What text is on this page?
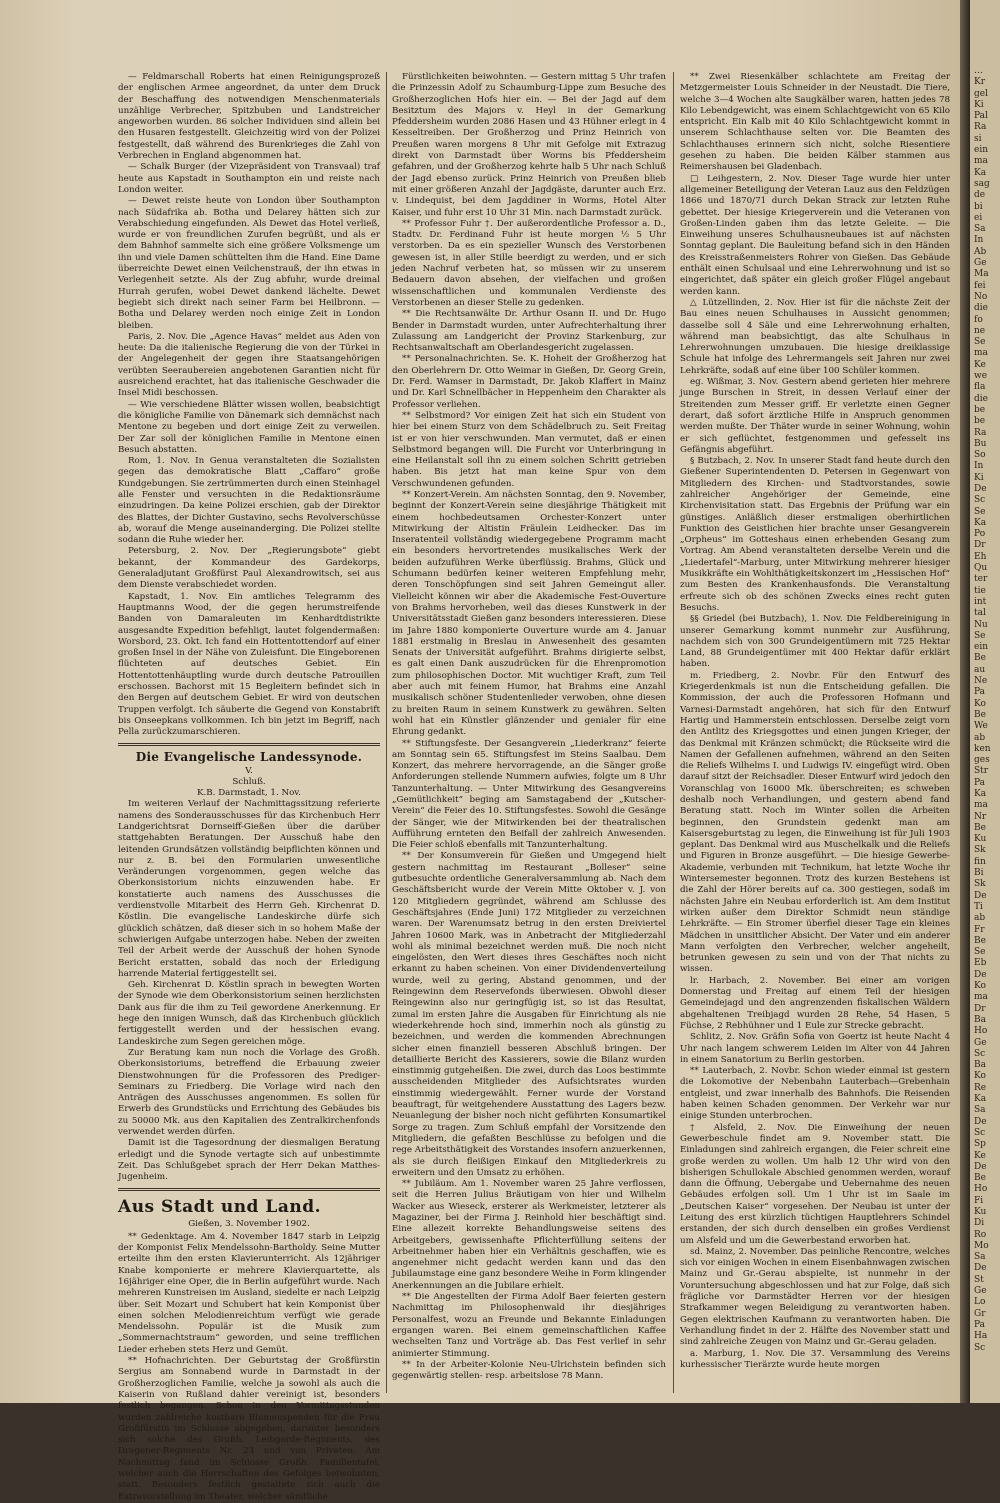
— Feldmarschall Roberts hat einen Reinigungsprozeß der englischen Armee angeordnet, da unter dem Druck der Beschaffung des notwendigen Menschenmaterials unzählige Verbrecher, Spitzbuben und Landstreicher angeworben wurden. 86 solcher Individuen sind allein bei den Husaren festgestellt. Gleichzeitig wird von der Polizei festgestellt, daß während des Burenkrieges die Zahl von Verbrechen in England abgenommen hat.

— Schalk Burger (der Vizepräsident von Transvaal) traf heute aus Kapstadt in Southampton ein und reiste nach London weiter.

— Dewet reiste heute von London über Southampton nach Südafrika ab. Botha und Delarey hätten sich zur Verabschiedung eingefunden. Als Dewet das Hotel verließ, wurde er von freundlichen Zurufen begrüßt, und als er dem Bahnhof sammelte sich eine größere Volksmenge um ihn und viele Damen schüttelten ihm die Hand. Eine Dame überreichte Dewet einen Veilchenstrauß, der ihn etwas in Verlegenheit setzte. Als der Zug abfuhr, wurde dreimal Hurrah gerufen, wobei Dewet dankend lächelte. Dewet begiebt sich direkt nach seiner Farm bei Heilbronn. — Botha und Delarey werden noch einige Zeit in London bleiben.

Paris, 2. Nov. Die „Agence Havas“ meldet aus Aden von heute: Da die italienische Regierung die von der Türkei in der Angelegenheit der gegen ihre Staatsangehörigen verübten Seeraubereien angebotenen Garantien nicht für ausreichend erachtet, hat das italienische Geschwader die Insel Midi beschossen.

— Wie verschiedene Blätter wissen wollen, beabsichtigt die königliche Familie von Dänemark sich demnächst nach Mentone zu begeben und dort einige Zeit zu verweilen. Der Zar soll der königlichen Familie in Mentone einen Besuch abstatten.

Rom, 1. Nov. In Genua veranstalteten die Sozialisten gegen das demokratische Blatt „Caffaro“ große Kundgebungen. Sie zertrümmerten durch einen Steinhagel alle Fenster und versuchten in die Redaktionsräume einzudringen. Da keine Polizei erschien, gab der Direktor des Blattes, der Dichter Gustavino, sechs Revolverschüsse ab, worauf die Menge auseinanderging. Die Polizei stellte sodann die Ruhe wieder her.

Petersburg, 2. Nov. Der „Regierungsbote“ giebt bekannt, der Kommandeur des Gardekorps, Generaladjutant Großfürst Paul Alexandrowitsch, sei aus dem Dienste verabschiedet worden.

Kapstadt, 1. Nov. Ein amtliches Telegramm des Hauptmanns Wood, der die gegen herumstreifende Banden von Damaraleuten im Kenhardtdistrikte ausgesandte Expedition befehligt, lautet folgendermaßen: Worsbord, 23. Okt. Ich fand ein Hottentottendorf auf einer großen Insel in der Nähe von Zuleisfunt. Die Eingeborenen flüchteten auf deutsches Gebiet. Ein Hottentottenhäuptling wurde durch deutsche Patrouillen erschossen. Bachorst mit 15 Begleitern befindet sich in den Bergen auf deutschem Gebiet. Er wird von deutschen Truppen verfolgt. Ich säuberte die Gegend von Konstabrift bis Onseepkans vollkommen. Ich bin jetzt im Begriff, nach Pella zurückzumarschieren.

Die Evangelische Landessynode.

V.

Schluß.

K.B. Darmstadt, 1. Nov.

Im weiteren Verlauf der Nachmittagssitzung referierte namens des Sonderausschusses für das Kirchenbuch Herr Landgerichtsrat Dornseiff-Gießen über die darüber stattgehabten Beratungen. Der Ausschuß habe den leitenden Grundsätzen vollständig beipflichten können und nur z. B. bei den Formularien unwesentliche Veränderungen vorgenommen, gegen welche das Oberkonsistorium nichts einzuwenden habe. Er konstatierte auch namens des Ausschusses die verdienstvolle Mitarbeit des Herrn Geh. Kirchenrat D. Köstlin. Die evangelische Landeskirche dürfe sich glücklich schätzen, daß dieser sich in so hohem Maße der schwierigen Aufgabe unterzogen habe. Neben der zweiten Teil der Arbeit werde der Ausschuß der hohen Synode Bericht erstatten, sobald das noch der Erledigung harrende Material fertiggestellt sei.

Geh. Kirchenrat D. Köstlin sprach in bewegten Worten der Synode wie dem Oberkonsistorium seinen herzlichsten Dank aus für die ihm zu Teil gewordene Anerkennung. Er hege den innigen Wunsch, daß das Kirchenbuch glücklich fertiggestellt werden und der hessischen evang. Landeskirche zum Segen gereichen möge.

Zur Beratung kam nun noch die Vorlage des Großh. Oberkonsistoriums, betreffend die Erbauung zweier Dienstwohnungen für die Professoren des Prediger-Seminars zu Friedberg. Die Vorlage wird nach den Anträgen des Ausschusses angenommen. Es sollen für Erwerb des Grundstücks und Errichtung des Gebäudes bis zu 50000 Mk. aus den Kapitalien des Zentralkirchenfonds verwendet werden dürfen.

Damit ist die Tagesordnung der diesmaligen Beratung erledigt und die Synode vertagte sich auf unbestimmte Zeit. Das Schlußgebet sprach der Herr Dekan Matthes-Jugenheim.

Aus Stadt und Land.

Gießen, 3. November 1902.

** Gedenktage. Am 4. November 1847 starb in Leipzig der Komponist Felix Mendelssohn-Bartholdy. Seine Mutter erteilte ihm den ersten Klavierunterricht. Als 12jähriger Knabe komponierte er mehrere Klavierquartette, als 16jähriger eine Oper, die in Berlin aufgeführt wurde. Nach mehreren Kunstreisen im Ausland, siedelte er nach Leipzig über. Seit Mozart und Schubert hat kein Komponist über einen solchen Melodienreichtum verfügt wie gerade Mendelssohn. Populär ist die Musik zum „Sommernachtstraum“ geworden, und seine trefflichen Lieder erheben stets Herz und Gemüt.

** Hofnachrichten. Der Geburtstag der Großfürstin Sergius am Sonnabend wurde in Darmstadt in der Großherzoglichen Familie, welche ja sowohl als auch die Kaiserin von Rußland dahier vereinigt ist, besonders festlich begangen. Schon in den Vormittagsstunden wurden zahlreiche kostbare Blumenspenden für die Frau Großfürstin im Schlosse abgegeben, darunter besonders sich solche des Großh. Leibgarde-Regiments, des Dragoner-Regiments Nr. 23 und von Privaten. Am Nachmittag fand im Schlosse Großh. Familientafel, welcher auch die Herrschaften des Gefolges beiwohnten, statt. Besonders festlich gestaltete sich auch die Extravorstellung im Theater, welcher sämtliche

Fürstlichkeiten beiwohnten. — Gestern mittag 5 Uhr trafen die Prinzessin Adolf zu Schaumburg-Lippe zum Besuche des Großherzoglichen Hofs hier ein. — Bei der Jagd auf dem Besitztum des Majors v. Heyl in der Gemarkung Pfeddersheim wurden 2086 Hasen und 43 Hühner erlegt in 4 Kesseltreiben. Der Großherzog und Prinz Heinrich von Preußen waren morgens 8 Uhr mit Gefolge mit Extrazug direkt von Darmstadt über Worms bis Pfeddersheim gefahren, und der Großherzog kehrte halb 5 Uhr nach Schluß der Jagd ebenso zurück. Prinz Heinrich von Preußen blieb mit einer größeren Anzahl der Jagdgäste, darunter auch Erz. v. Lindequist, bei dem Jagddiner in Worms, Hotel Alter Kaiser, und fuhr erst 10 Uhr 31 Min. nach Darmstadt zurück.

** Professor Fuhr †. Der außerordentliche Professor a. D., Stadtv. Dr. Ferdinand Fuhr ist heute morgen ½ 5 Uhr verstorben. Da es ein spezieller Wunsch des Verstorbenen gewesen ist, in aller Stille beerdigt zu werden, und er sich jeden Nachruf verbeten hat, so müssen wir zu unserem Bedauern davon absehen, der vielfachen und großen wissenschaftlichen und kommunalen Verdienste des Verstorbenen an dieser Stelle zu gedenken.

** Die Rechtsanwälte Dr. Arthur Osann II. und Dr. Hugo Bender in Darmstadt wurden, unter Aufrechterhaltung ihrer Zulassung am Landgericht der Provinz Starkenburg, zur Rechtsanwaltschaft am Oberlandesgericht zugelassen.

** Personalnachrichten. Se. K. Hoheit der Großherzog hat den Oberlehrern Dr. Otto Weimar in Gießen, Dr. Georg Grein, Dr. Ferd. Wamser in Darmstadt, Dr. Jakob Klaffert in Mainz und Dr. Karl Schnellbächer in Heppenheim den Charakter als Professor verliehen.

** Selbstmord? Vor einigen Zeit hat sich ein Student von hier bei einem Sturz von dem Schädelbruch zu. Seit Freitag ist er von hier verschwunden. Man vermutet, daß er einen Selbstmord begangen will. Die Furcht vor Unterbringung in eine Heilanstalt soll ihn zu einem solchen Schritt getrieben haben. Bis jetzt hat man keine Spur von dem Verschwundenen gefunden.

** Konzert-Verein. Am nächsten Sonntag, den 9. November, beginnt der Konzert-Verein seine diesjährige Thätigkeit mit einem hochbedeutsamen Orchester-Konzert unter Mitwirkung der Altistin Fräulein Leidhecker. Das im Inseratenteil vollständig wiedergegebene Programm macht ein besonders hervortretendes musikalisches Werk der beiden aufzuführen Werke überflüssig. Brahms, Glück und Schumann bedürfen keiner weiteren Empfehlung mehr, deren Tonschöpfungen sind seit Jahren Gemeingut aller. Vielleicht können wir aber die Akademische Fest-Ouverture von Brahms hervorheben, weil das dieses Kunstwerk in der Universitätsstadt Gießen ganz besonders interessieren. Diese im Jahre 1880 komponierte Ouverture wurde am 4. Januar 1881 erstmalig in Breslau in Anwesenheit des gesamten Senats der Universität aufgeführt. Brahms dirigierte selbst, es galt einen Dank auszudrücken für die Ehrenpromotion zum philosophischen Doctor. Mit wuchtiger Kraft, zum Teil aber auch mit feinem Humor, hat Brahms eine Anzahl musikalisch schöner Studentenlieder verwoben, ohne diesen zu breiten Raum in seinem Kunstwerk zu gewähren. Selten wohl hat ein Künstler glänzender und genialer für eine Ehrung gedankt.

** Stiftungsfeste. Der Gesangverein „Liederkranz“ feierte am Sonntag sein 65. Stiftungsfest im Steins Saalbau. Dem Konzert, das mehrere hervorragende, an die Sänger große Anforderungen stellende Nummern aufwies, folgte um 8 Uhr Tanzunterhaltung. — Unter Mitwirkung des Gesangvereins „Gemütlichkeit“ beging am Samstagabend der „Kutscher-Verein“ die Feier des 10. Stiftungsfestes. Sowohl die Gesänge der Sänger, wie der Mitwirkenden bei der theatralischen Aufführung ernteten den Beifall der zahlreich Anwesenden. Die Feier schloß ebenfalls mit Tanzunterhaltung.

** Der Konsumverein für Gießen und Umgegend hielt gestern nachmittag im Restaurant „Bolleser“ seine gutbesuchte ordentliche Generalversammlung ab. Nach dem Geschäftsbericht wurde der Verein Mitte Oktober v. J. von 120 Mitgliedern gegründet, während am Schlusse des Geschäftsjahres (Ende Juni) 172 Mitglieder zu verzeichnen waren. Der Warenumsatz betrug in den ersten Dreiviertel Jahren 10600 Mark, was in Anbetracht der Mitgliederzahl wohl als minimal bezeichnet werden muß. Die noch nicht eingelösten, den Wert dieses ihres Geschäftes noch nicht erkannt zu haben scheinen. Von einer Dividendenverteilung wurde, weil zu gering, Abstand genommen, und der Reingewinn dem Reservefonds überwiesen. Obwohl dieser Reingewinn also nur geringfügig ist, so ist das Resultat, zumal im ersten Jahre die Ausgaben für Einrichtung als nie wiederkehrende hoch sind, immerhin noch als günstig zu bezeichnen, und werden die kommenden Abrechnungen sicher einen finanziell besseren Abschluß bringen. Der detaillierte Bericht des Kassierers, sowie die Bilanz wurden einstimmig gutgeheißen. Die zwei, durch das Loos bestimmte ausscheidenden Mitglieder des Aufsichtsrates wurden einstimmig wiedergewählt. Ferner wurde der Vorstand beauftragt, für weitgehendere Ausstattung des Lagers bezw. Neuanlegung der bisher noch nicht geführten Konsumartikel Sorge zu tragen. Zum Schluß empfahl der Vorsitzende den Mitgliedern, die gefaßten Beschlüsse zu befolgen und die rege Arbeitsthätigkeit des Vorstandes insofern anzuerkennen, als sie durch fleißigen Einkauf den Mitgliederkreis zu erweitern und den Umsatz zu erhöhen.

** Jubiläum. Am 1. November waren 25 Jahre verflossen, seit die Herren Julius Bräutigam von hier und Wilhelm Wacker aus Wieseck, ersterer als Werkmeister, letzterer als Magaziner, bei der Firma J. Reinhold hier beschäftigt sind. Eine allezeit korrekte Behandlungsweise seitens des Arbeitgebers, gewissenhafte Pflichterfüllung seitens der Arbeitnehmer haben hier ein Verhältnis geschaffen, wie es angenehmer nicht gedacht werden kann und das den Jubilaumstage eine ganz besondere Weihe in Form klingender Anerkennungen an die Jubilare erhielt.

** Die Angestellten der Firma Adolf Baer feierten gestern Nachmittag im Philosophenwald ihr diesjähriges Personalfest, wozu an Freunde und Bekannte Einladungen ergangen waren. Bei einem gemeinschaftlichen Kaffee wechselten Tanz und Vorträge ab. Das Fest verlief in sehr animierter Stimmung.

** In der Arbeiter-Kolonie Neu-Ulrichstein befinden sich gegenwärtig stellen- resp. arbeitslose 78 Mann.

** Zwei Riesenkälber schlachtete am Freitag der Metzgermeister Louis Schneider in der Neustadt. Die Tiere, welche 3—4 Wochen alte Saugkälber waren, hatten jedes 78 Kilo Lebendgewicht, was einem Schlachtgewicht von 65 Kilo entspricht. Ein Kalb mit 40 Kilo Schlachtgewicht kommt in unserem Schlachthause selten vor. Die Beamten des Schlachthauses erinnern sich nicht, solche Riesentiere gesehen zu haben. Die beiden Kälber stammen aus Reimershausen bei Gladenbach.

□ Leihgestern, 2. Nov. Dieser Tage wurde hier unter allgemeiner Beteiligung der Veteran Lauz aus den Feldzügen 1866 und 1870/71 durch Dekan Strack zur letzten Ruhe gebettet. Der hiesige Kriegerverein und die Veteranen von Großen-Linden gaben ihm das letzte Geleite. — Die Einweihung unseres Schulhausneubaues ist auf nächsten Sonntag geplant. Die Bauleitung befand sich in den Händen des Kreisstraßenmeisters Rohrer von Gießen. Das Gebäude enthält einen Schulsaal und eine Lehrerwohnung und ist so eingerichtet, daß später ein gleich großer Flügel angebaut werden kann.

△ Lützellinden, 2. Nov. Hier ist für die nächste Zeit der Bau eines neuen Schulhauses in Aussicht genommen; dasselbe soll 4 Säle und eine Lehrerwohnung erhalten, während man beabsichtigt, das alte Schulhaus in Lehrerwohnungen umzubauen. Die hiesige dreiklassige Schule hat infolge des Lehrermangels seit Jahren nur zwei Lehrkräfte, sodaß auf eine über 100 Schüler kommen.

eg. Wißmar, 3. Nov. Gestern abend gerieten hier mehrere junge Burschen in Streit, in dessen Verlauf einer der Streitenden zum Messer griff. Er verletzte einen Gegner derart, daß sofort ärztliche Hilfe in Anspruch genommen werden mußte. Der Thäter wurde in seiner Wohnung, wohin er sich geflüchtet, festgenommen und gefesselt ins Gefängnis abgeführt.

§ Butzbach, 2. Nov. In unserer Stadt fand heute durch den Gießener Superintendenten D. Petersen in Gegenwart von Mitgliedern des Kirchen- und Stadtvorstandes, sowie zahlreicher Angehöriger der Gemeinde, eine Kirchenvisitation statt. Das Ergebnis der Prüfung war ein günstiges. Anläßlich dieser erstmaligen oberhirtlichen Funktion des Geistlichen hier brachte unser Gesangverein „Orpheus“ im Gotteshaus einen erhebenden Gesang zum Vortrag. Am Abend veranstalteten derselbe Verein und die „Liedertafel“-Marburg, unter Mitwirkung mehrerer hiesiger Musikkräfte ein Wohlthätigkeitskonzert im „Hessischen Hof“ zum Besten des Krankenhausfonds. Die Veranstaltung erfreute sich ob des schönen Zwecks eines recht guten Besuchs.

§§ Griedel (bei Butzbach), 1. Nov. Die Feldbereinigung in unserer Gemarkung kommt nunmehr zur Ausführung, nachdem sich von 300 Grundeigentümern mit 725 Hektar Land, 88 Grundeigentümer mit 400 Hektar dafür erklärt haben.

m. Friedberg, 2. Novbr. Für den Entwurf des Kriegerdenkmals ist nun die Entscheidung gefallen. Die Kommission, der auch die Professoren Hofmann und Varnesi-Darmstadt angehören, hat sich für den Entwurf Hartig und Hammerstein entschlossen. Derselbe zeigt vorn den Antlitz des Kriegsgottes und einen jungen Krieger, der das Denkmal mit Kränzen schmückt; die Rückseite wird die Namen der Gefallenen aufnehmen, während an den Seiten die Reliefs Wilhelms I. und Ludwigs IV. eingefügt wird. Oben darauf sitzt der Reichsadler. Dieser Entwurf wird jedoch den Voranschlag von 16000 Mk. überschreiten; es schweben deshalb noch Verhandlungen, und gestern abend fand Beratung statt. Noch im Winter sollen die Arbeiten beginnen, den Grundstein gedenkt man am Kaisersgeburtstag zu legen, die Einweihung ist für Juli 1903 geplant. Das Denkmal wird aus Muschelkalk und die Reliefs und Figuren in Bronze ausgeführt. — Die hiesige Gewerbe-Akademie, verbunden mit Technikum, hat letzte Woche ihr Wintersemester begonnen. Trotz des kurzen Bestehens ist die Zahl der Hörer bereits auf ca. 300 gestiegen, sodaß im nächsten Jahre ein Neubau erforderlich ist. Am dem Institut wirken außer dem Direktor Schmidt neun ständige Lehrkräfte. — Ein Stromer überfiel dieser Tage ein kleines Mädchen in unsittlicher Absicht. Der Vater und ein anderer Mann verfolgten den Verbrecher, welcher angeheilt, betrunken gewesen zu sein und von der That nichts zu wissen.

lr. Harbach, 2. November. Bei einer am vorigen Donnerstag und Freitag auf einem Teil der hiesigen Gemeindejagd und den angrenzenden fiskalischen Wäldern abgehaltenen Treibjagd wurden 28 Rehe, 54 Hasen, 5 Füchse, 2 Rebhühner und 1 Eule zur Strecke gebracht.

Schlitz, 2. Nov. Gräfin Sofia von Goertz ist heute Nacht 4 Uhr nach langem schwerem Leiden im Alter von 44 Jahren in einem Sanatorium zu Berlin gestorben.

** Lauterbach, 2. Novbr. Schon wieder einmal ist gestern die Lokomotive der Nebenbahn Lauterbach—Grebenhain entgleist, und zwar innerhalb des Bahnhofs. Die Reisenden haben keinen Schaden genommen. Der Verkehr war nur einige Stunden unterbrochen.

† Alsfeld, 2. Nov. Die Einweihung der neuen Gewerbeschule findet am 9. November statt. Die Einladungen sind zahlreich ergangen, die Feier schreit eine große werden zu wollen. Um halb 12 Uhr wird von den bisherigen Schullokale Abschied genommen werden, worauf dann die Öffnung, Uebergabe und Uebernahme des neuen Gebäudes erfolgen soll. Um 1 Uhr ist im Saale im „Deutschen Kaiser“ vorgesehen. Der Neubau ist unter der Leitung des erst kürzlich tüchtigen Hauptlehrers Schindel erstanden, der sich durch denselben ein großes Verdienst um Alsfeld und um die Gewerbestand erworben hat.

sd. Mainz, 2. November. Das peinliche Rencontre, welches sich vor einigen Wochen in einem Eisenbahnwagen zwischen Mainz und Gr.-Gerau abspielte, ist nunmehr in der Voruntersuchung abgeschlossen und hat zur Folge, daß sich frägliche vor Darmstädter Herren vor der hiesigen Strafkammer wegen Beleidigung zu verantworten haben. Gegen elektrischen Kaufmann zu verantworten haben. Die Verhandlung findet in der 2. Hälfte des November statt und sind zahlreiche Zeugen von Mainz und Gr.-Gerau geladen.

a. Marburg, 1. Nov. Die 37. Versammlung des Vereins kurhessischer Tierärzte wurde heute morgen

…
Kr
gel
Ki
Pal
Ra
si
ein
ma
Ka
sag
de
bi
ei
Sa
In
Ab
Ge
Ma
fei
No
die
fo
ne
Se
ma
Ke
we
fla
die
be
be
Ra
Bu
So
In
Ki
De
Sc
Se
Ka
Po
Dr
Eh
Qu
ter
tie
int
tal
Nu
Se
ein
Be
au
Ne
Pa
Ko
Be
We
ab
ken
ges
Str
Pa
Ka
ma
Nr
Be
Ku
Sk
fin
Bi
Sk
De
Ti
ab
Fr
Be
Se
Eb
De
Ko
ma
Dr
Ba
Ho
Ge
Sc
Ba
Ko
Re
Ka
Sa
De
Sc
Sp
Ke
De
Be
Ho
Fi
Ku
Di
Ro
Mo
Sa
De
St
Ge
Lo
Gr
Pa
Ha
Sc
